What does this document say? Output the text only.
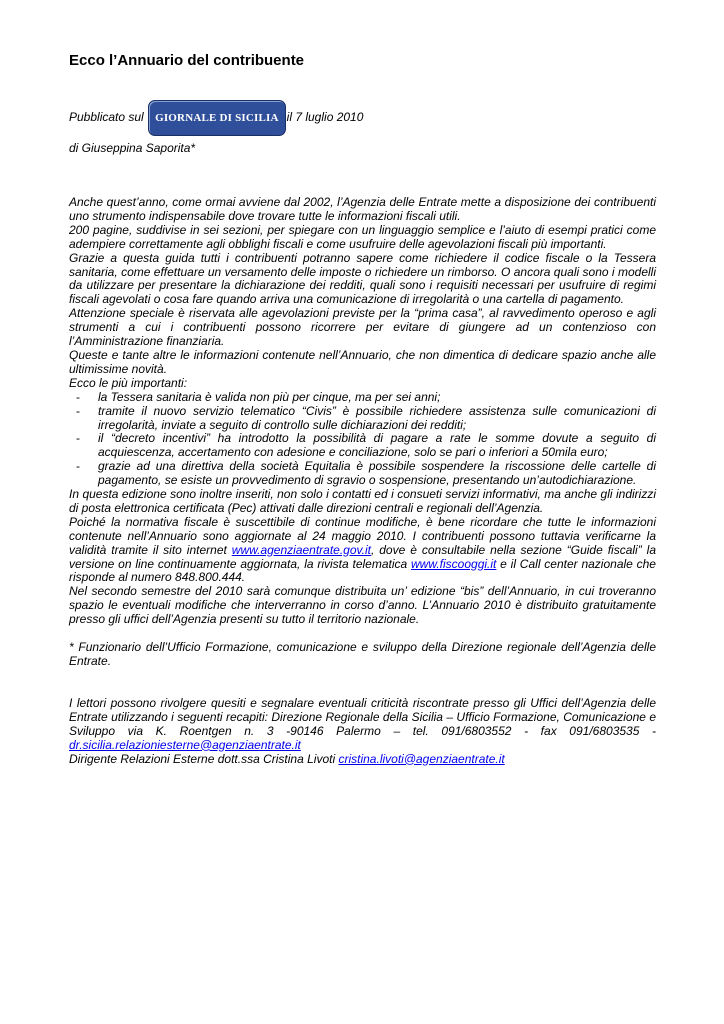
Ecco l’Annuario del contribuente
Pubblicato sul GIORNALE DI SICILIA il 7 luglio 2010
di Giuseppina Saporita*

Anche quest’anno, come ormai avviene dal 2002, l’Agenzia delle Entrate mette a disposizione dei contribuenti uno strumento indispensabile dove trovare tutte le informazioni fiscali utili.

200 pagine, suddivise in sei sezioni, per spiegare con un linguaggio semplice e l’aiuto di esempi pratici come adempiere correttamente agli obblighi fiscali e come usufruire delle agevolazioni fiscali più importanti.

Grazie a questa guida tutti i contribuenti potranno sapere come richiedere il codice fiscale o la Tessera sanitaria, come effettuare un versamento delle imposte o richiedere un rimborso. O ancora quali sono i modelli da utilizzare per presentare la dichiarazione dei redditi, quali sono i requisiti necessari per usufruire di regimi fiscali agevolati o cosa fare quando arriva una comunicazione di irregolarità o una cartella di pagamento.

Attenzione speciale è riservata alle agevolazioni previste per la “prima casa”, al ravvedimento operoso e agli strumenti a cui i contribuenti possono ricorrere per evitare di giungere ad un contenzioso con l’Amministrazione finanziaria.

Queste e tante altre le informazioni contenute nell’Annuario, che non dimentica di dedicare spazio anche alle ultimissime novità.

Ecco le più importanti:

- la Tessera sanitaria è valida non più per cinque, ma per sei anni;
- tramite il nuovo servizio telematico “Civis” è possibile richiedere assistenza sulle comunicazioni di irregolarità, inviate a seguito di controllo sulle dichiarazioni dei redditi;
- il “decreto incentivi” ha introdotto la possibilità di pagare a rate le somme dovute a seguito di acquiescenza, accertamento con adesione e conciliazione, solo se pari o inferiori a 50mila euro;
- grazie ad una direttiva della società Equitalia è possibile sospendere la riscossione delle cartelle di pagamento, se esiste un provvedimento di sgravio o sospensione, presentando un’autodichiarazione.

In questa edizione sono inoltre inseriti, non solo i contatti ed i consueti servizi informativi, ma anche gli indirizzi di posta elettronica certificata (Pec) attivati dalle direzioni centrali e regionali dell’Agenzia.

Poiché la normativa fiscale è suscettibile di continue modifiche, è bene ricordare che tutte le informazioni contenute nell’Annuario sono aggiornate al 24 maggio 2010. I contribuenti possono tuttavia verificarne la validità tramite il sito internet www.agenziaentrate.gov.it, dove è consultabile nella sezione “Guide fiscali” la versione on line continuamente aggiornata, la rivista telematica www.fiscooggi.it e il Call center nazionale che risponde al numero 848.800.444.

Nel secondo semestre del 2010 sarà comunque distribuita un’ edizione “bis” dell’Annuario, in cui troveranno spazio le eventuali modifiche che interverranno in corso d’anno. L’Annuario 2010 è distribuito gratuitamente presso gli uffici dell’Agenzia presenti su tutto il territorio nazionale.

* Funzionario dell’Ufficio Formazione, comunicazione e sviluppo della Direzione regionale dell’Agenzia delle Entrate.

I lettori possono rivolgere quesiti e segnalare eventuali criticità riscontrate presso gli Uffici dell’Agenzia delle Entrate utilizzando i seguenti recapiti: Direzione Regionale della Sicilia – Ufficio Formazione, Comunicazione e Sviluppo via K. Roentgen n. 3 -90146 Palermo – tel. 091/6803552 - fax 091/6803535 - dr.sicilia.relazioniesterne@agenziaentrate.it

Dirigente Relazioni Esterne dott.ssa Cristina Livoti cristina.livoti@agenziaentrate.it
